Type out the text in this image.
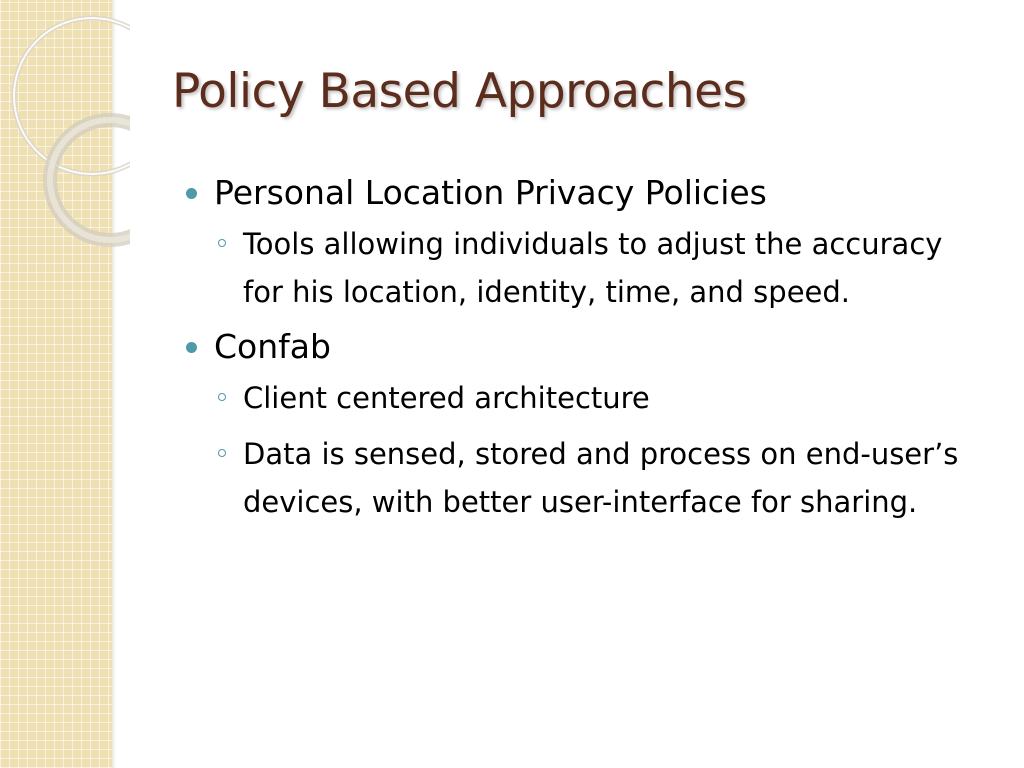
Policy Based Approaches
Personal Location Privacy Policies
Tools allowing individuals to adjust the accuracy for his location, identity, time, and speed.
Confab
Client centered architecture
Data is sensed, stored and process on end-user’s devices, with better user-interface for sharing.
